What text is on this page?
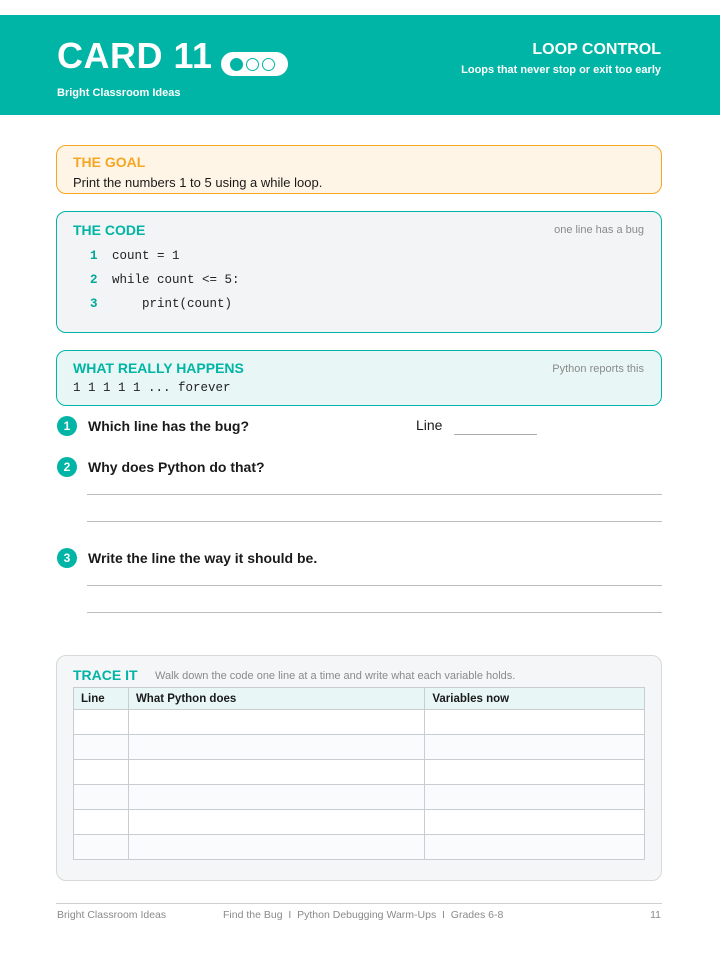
CARD 11
Bright Classroom Ideas
LOOP CONTROL
Loops that never stop or exit too early
THE GOAL
Print the numbers 1 to 5 using a while loop.
THE CODE	one line has a bug
1 count = 1
2 while count <= 5:
3    print(count)
WHAT REALLY HAPPENS	Python reports this
1 1 1 1 1 ... forever
1	Which line has the bug?	Line
2	Why does Python do that?
3	Write the line the way it should be.
TRACE IT Walk down the code one line at a time and write what each variable holds.
Line	What Python does	Variables now

Bright Classroom Ideas	Find the Bug  I  Python Debugging Warm-Ups  I  Grades 6-8	11
